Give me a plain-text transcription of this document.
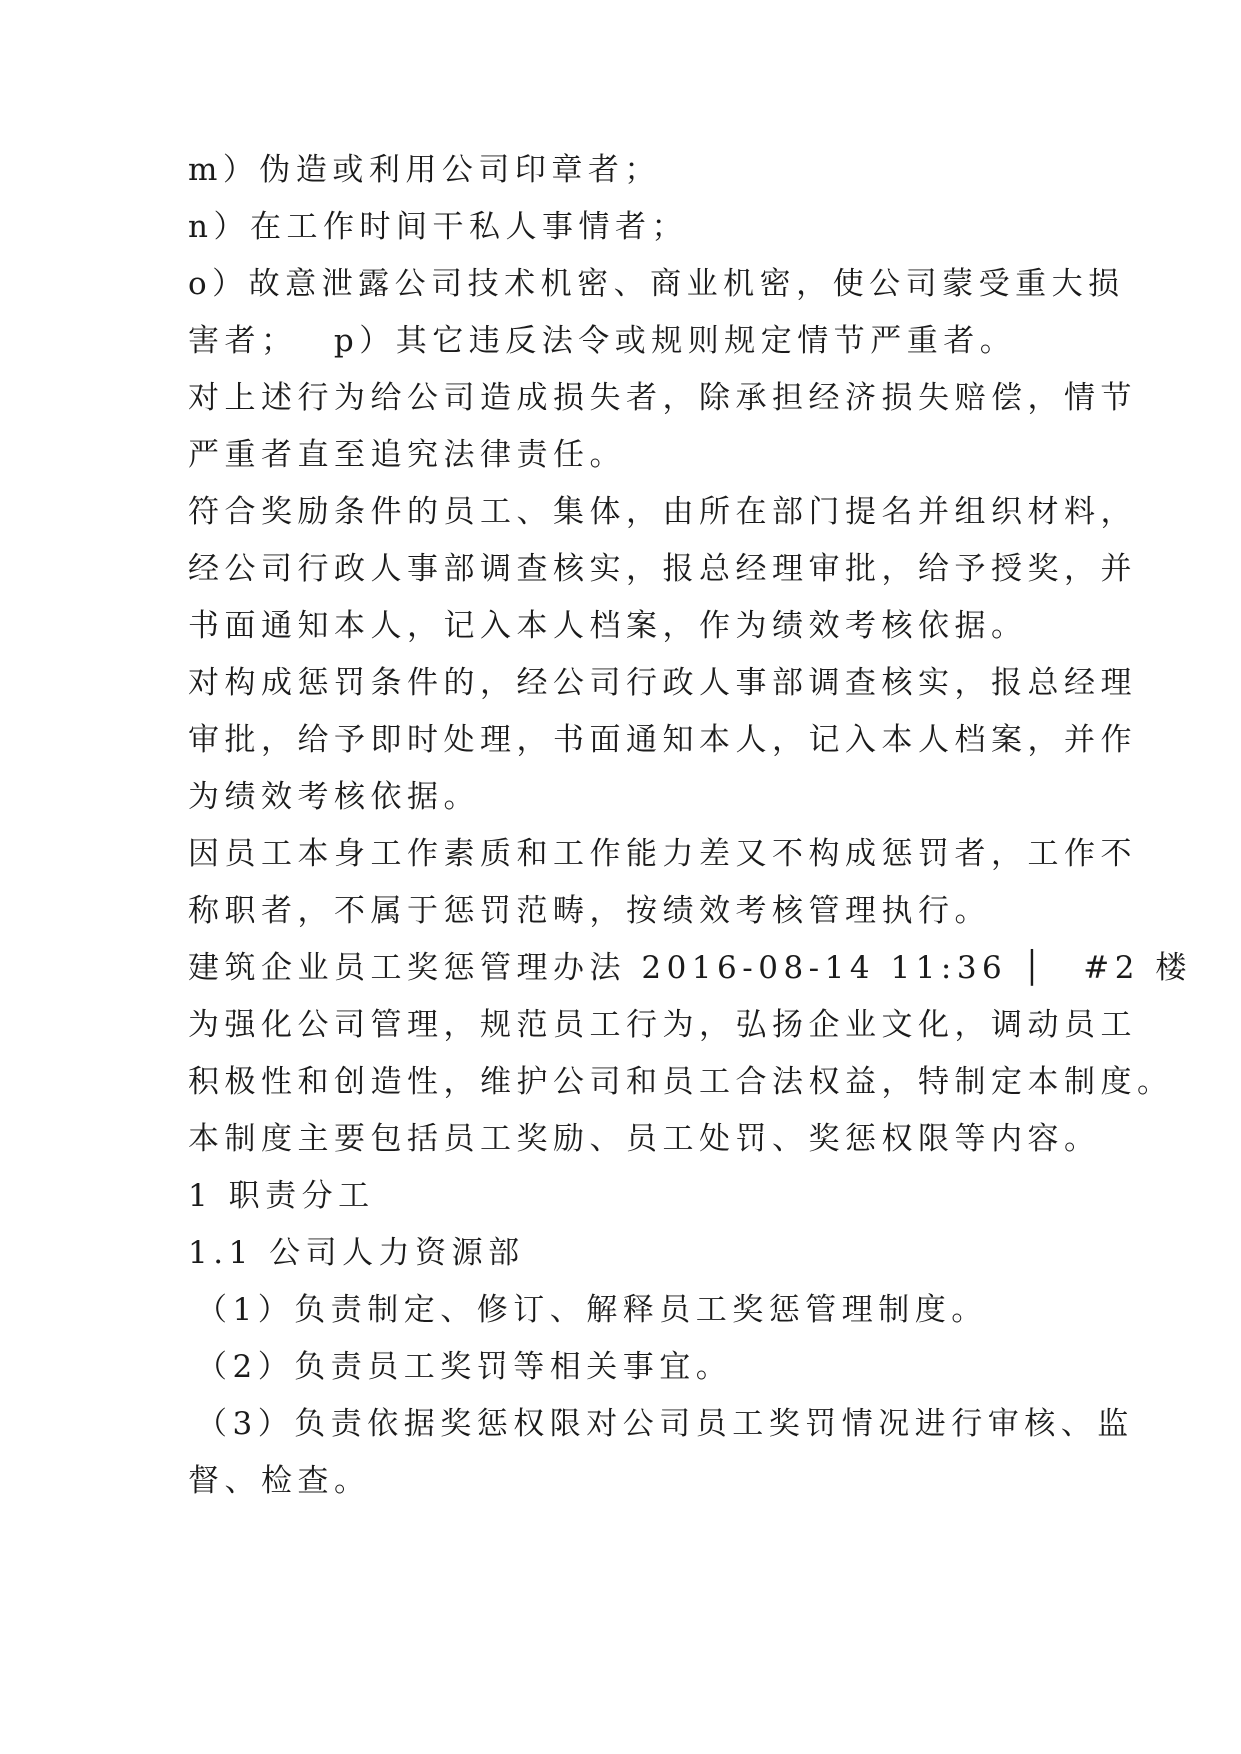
m）伪造或利用公司印章者；
n）在工作时间干私人事情者；
o）故意泄露公司技术机密、商业机密，使公司蒙受重大损
害者；　 p）其它违反法令或规则规定情节严重者。
对上述行为给公司造成损失者，除承担经济损失赔偿，情节
严重者直至追究法律责任。
符合奖励条件的员工、集体，由所在部门提名并组织材料，
经公司行政人事部调查核实，报总经理审批，给予授奖，并
书面通知本人，记入本人档案，作为绩效考核依据。
对构成惩罚条件的，经公司行政人事部调查核实，报总经理
审批，给予即时处理，书面通知本人，记入本人档案，并作
为绩效考核依据。
因员工本身工作素质和工作能力差又不构成惩罚者，工作不
称职者，不属于惩罚范畴，按绩效考核管理执行。
建筑企业员工奖惩管理办法 2016-08-14 11:36 │　#2 楼
为强化公司管理，规范员工行为，弘扬企业文化，调动员工
积极性和创造性，维护公司和员工合法权益，特制定本制度。
本制度主要包括员工奖励、员工处罚、奖惩权限等内容。
1 职责分工
1.1 公司人力资源部
（1）负责制定、修订、解释员工奖惩管理制度。
（2）负责员工奖罚等相关事宜。
（3）负责依据奖惩权限对公司员工奖罚情况进行审核、监
督、检查。
